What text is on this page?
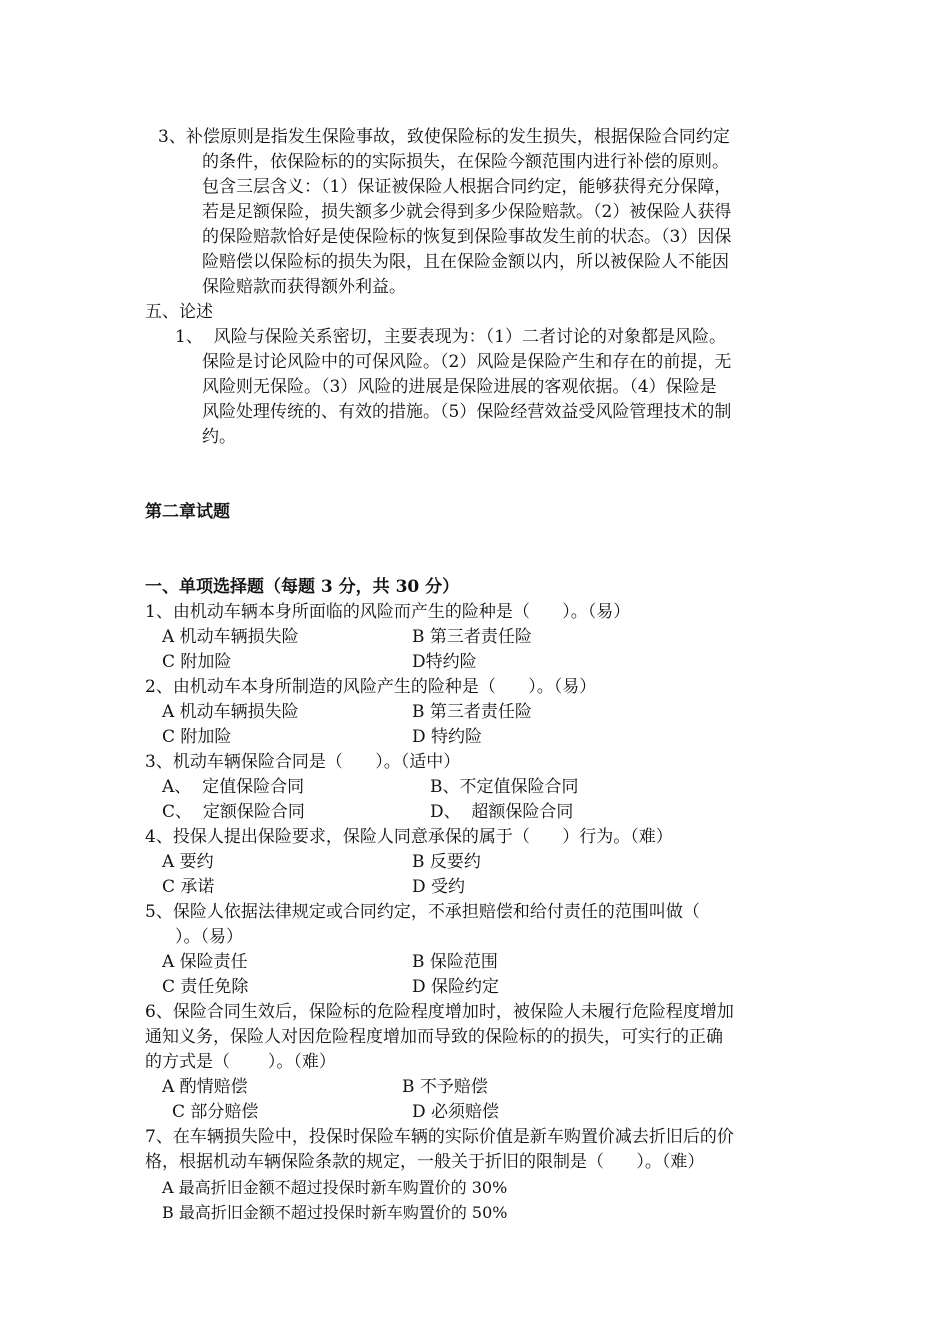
3、补偿原则是指发生保险事故，致使保险标的发生损失，根据保险合同约定

的条件，依保险标的的实际损失，在保险今额范围内进行补偿的原则。

包含三层含义：（1）保证被保险人根据合同约定，能够获得充分保障，

若是足额保险，损失额多少就会得到多少保险赔款。（2）被保险人获得

的保险赔款恰好是使保险标的恢复到保险事故发生前的状态。（3）因保

险赔偿以保险标的损失为限，且在保险金额以内，所以被保险人不能因

保险赔款而获得额外利益。

五、论述

1、  风险与保险关系密切，主要表现为：（1）二者讨论的对象都是风险。

保险是讨论风险中的可保风险。（2）风险是保险产生和存在的前提，无

风险则无保险。（3）风险的进展是保险进展的客观依据。（4）保险是

风险处理传统的、有效的措施。（5）保险经营效益受风险管理技术的制

约。

第二章试题

一、单项选择题（每题 3 分，共 30 分）

1、由机动车辆本身所面临的风险而产生的险种是（      ）。（易）

A 机动车辆损失险	B 第三者责任险

C 附加险	D特约险

2、由机动车本身所制造的风险产生的险种是（      ）。（易）

A 机动车辆损失险	B 第三者责任险

C 附加险	D 特约险

3、机动车辆保险合同是（      ）。（适中）

A、  定值保险合同	B、不定值保险合同

C、  定额保险合同	D、  超额保险合同

4、投保人提出保险要求，保险人同意承保的属于（      ）行为。（难）

A 要约	B 反要约

C 承诺	D 受约

5、保险人依据法律规定或合同约定，不承担赔偿和给付责任的范围叫做（

）。（易）

A 保险责任	B 保险范围

C 责任免除	D 保险约定

6、保险合同生效后，保险标的危险程度增加时，被保险人未履行危险程度增加

通知义务，保险人对因危险程度增加而导致的保险标的的损失，可实行的正确

的方式是（       ）。（难）

A 酌情赔偿	B 不予赔偿

C 部分赔偿	D 必须赔偿

7、在车辆损失险中，投保时保险车辆的实际价值是新车购置价减去折旧后的价

格，根据机动车辆保险条款的规定，一般关于折旧的限制是（      ）。（难）

A 最高折旧金额不超过投保时新车购置价的 30%

B 最高折旧金额不超过投保时新车购置价的 50%
